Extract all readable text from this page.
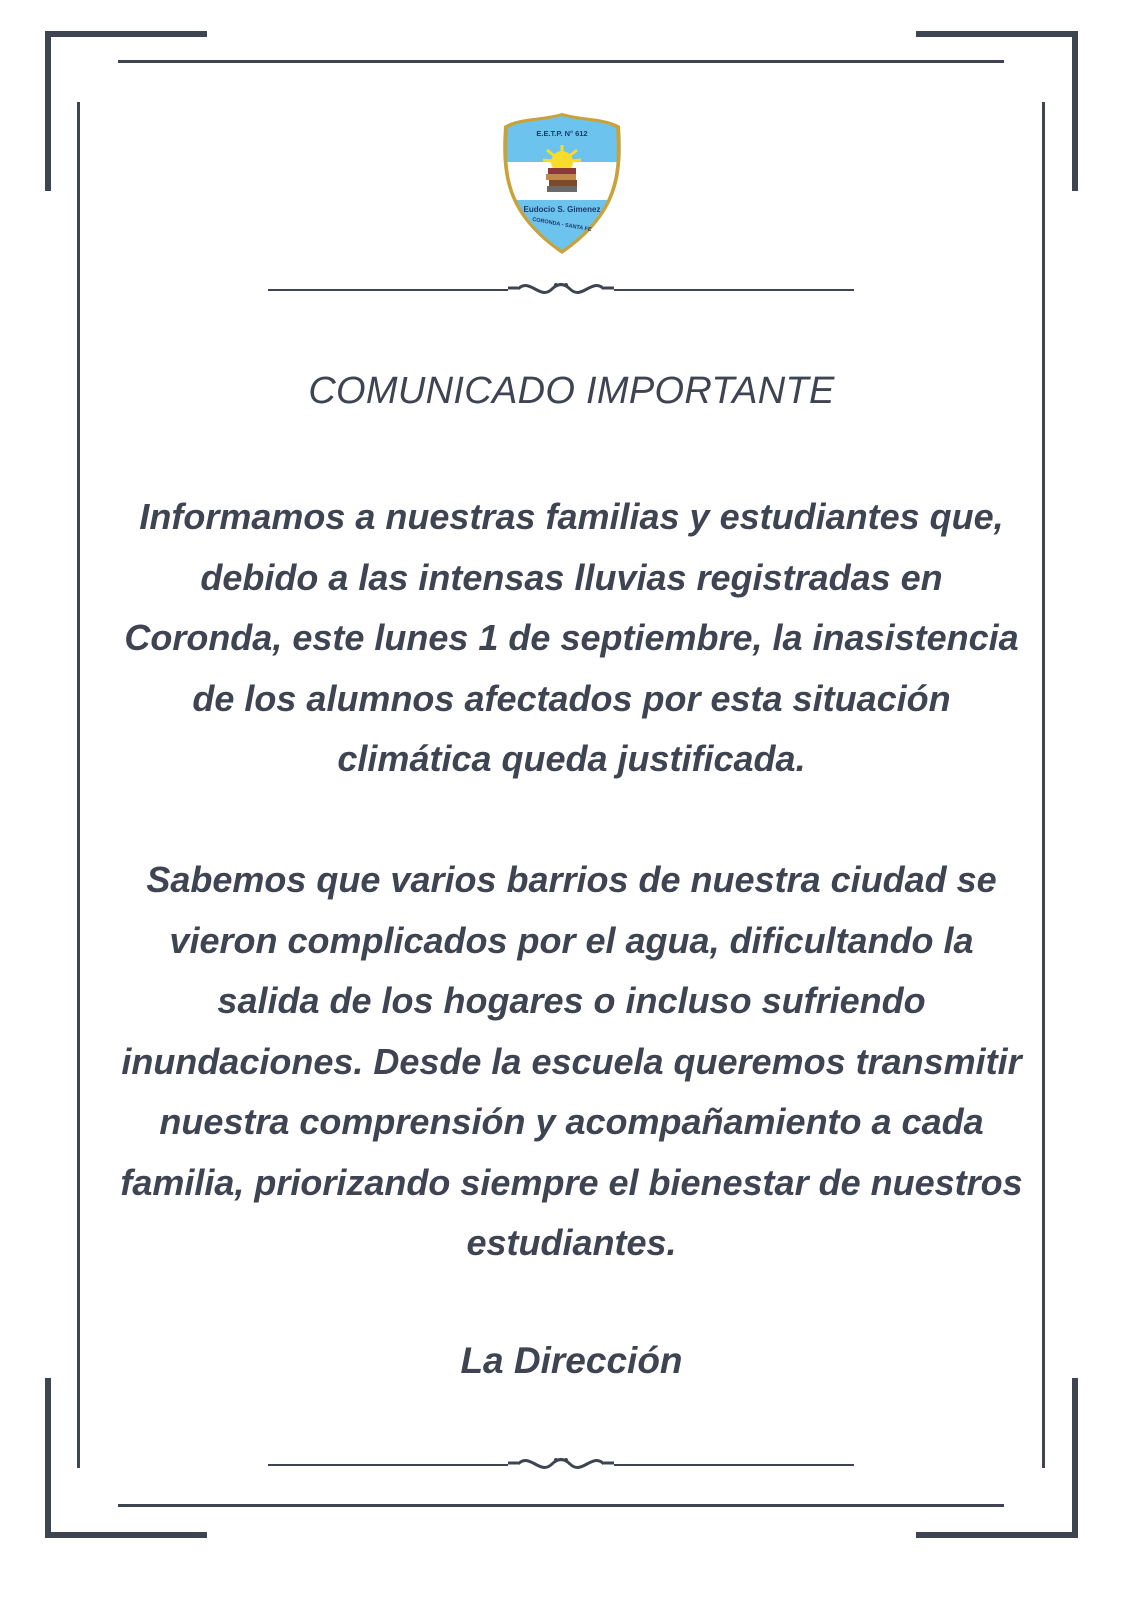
E.E.T.P. N° 612
Eudocio S. Gimenez
CORONDA - SANTA FE
COMUNICADO IMPORTANTE
Informamos a nuestras familias y estudiantes que, debido a las intensas lluvias registradas en Coronda, este lunes 1 de septiembre, la inasistencia de los alumnos afectados por esta situación climática queda justificada.
Sabemos que varios barrios de nuestra ciudad se vieron complicados por el agua, dificultando la salida de los hogares o incluso sufriendo inundaciones. Desde la escuela queremos transmitir nuestra comprensión y acompañamiento a cada familia, priorizando siempre el bienestar de nuestros estudiantes.
La Dirección
